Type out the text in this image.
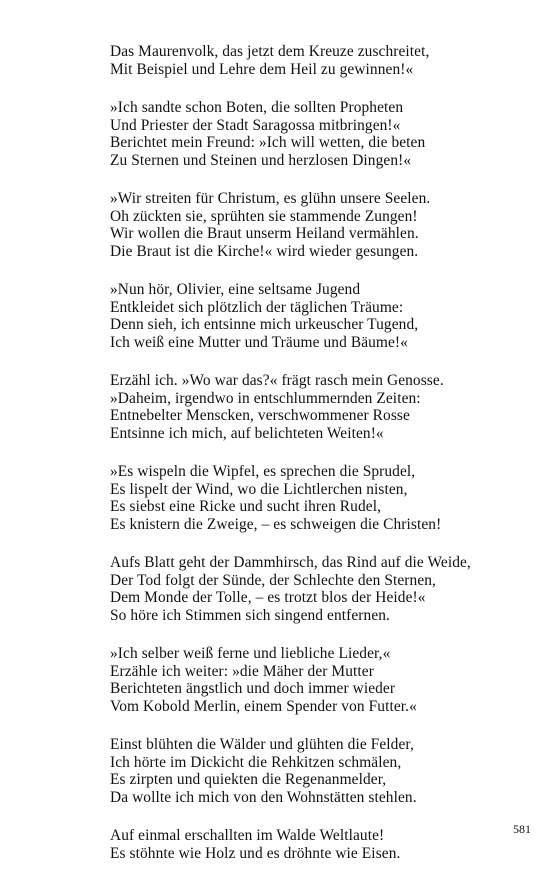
Das Maurenvolk, das jetzt dem Kreuze zuschreitet,
Mit Beispiel und Lehre dem Heil zu gewinnen!«
»Ich sandte schon Boten, die sollten Propheten
Und Priester der Stadt Saragossa mitbringen!«
Berichtet mein Freund: »Ich will wetten, die beten
Zu Sternen und Steinen und herzlosen Dingen!«
»Wir streiten für Christum, es glühn unsere Seelen.
Oh zückten sie, sprühten sie stammende Zungen!
Wir wollen die Braut unserm Heiland vermählen.
Die Braut ist die Kirche!« wird wieder gesungen.
»Nun hör, Olivier, eine seltsame Jugend
Entkleidet sich plötzlich der täglichen Träume:
Denn sieh, ich entsinne mich urkeuscher Tugend,
Ich weiß eine Mutter und Träume und Bäume!«
Erzähl ich. »Wo war das?« frägt rasch mein Genosse.
»Daheim, irgendwo in entschlummernden Zeiten:
Entnebelter Menscken, verschwommener Rosse
Entsinne ich mich, auf belichteten Weiten!«
»Es wispeln die Wipfel, es sprechen die Sprudel,
Es lispelt der Wind, wo die Lichtlerchen nisten,
Es siebst eine Ricke und sucht ihren Rudel,
Es knistern die Zweige, – es schweigen die Christen!
Aufs Blatt geht der Dammhirsch, das Rind auf die Weide,
Der Tod folgt der Sünde, der Schlechte den Sternen,
Dem Monde der Tolle, – es trotzt blos der Heide!«
So höre ich Stimmen sich singend entfernen.
»Ich selber weiß ferne und liebliche Lieder,«
Erzähle ich weiter: »die Mäher der Mutter
Berichteten ängstlich und doch immer wieder
Vom Kobold Merlin, einem Spender von Futter.«
Einst blühten die Wälder und glühten die Felder,
Ich hörte im Dickicht die Rehkitzen schmälen,
Es zirpten und quiekten die Regenanmelder,
Da wollte ich mich von den Wohnstätten stehlen.
Auf einmal erschallten im Walde Weltlaute!
Es stöhnte wie Holz und es dröhnte wie Eisen.
581
